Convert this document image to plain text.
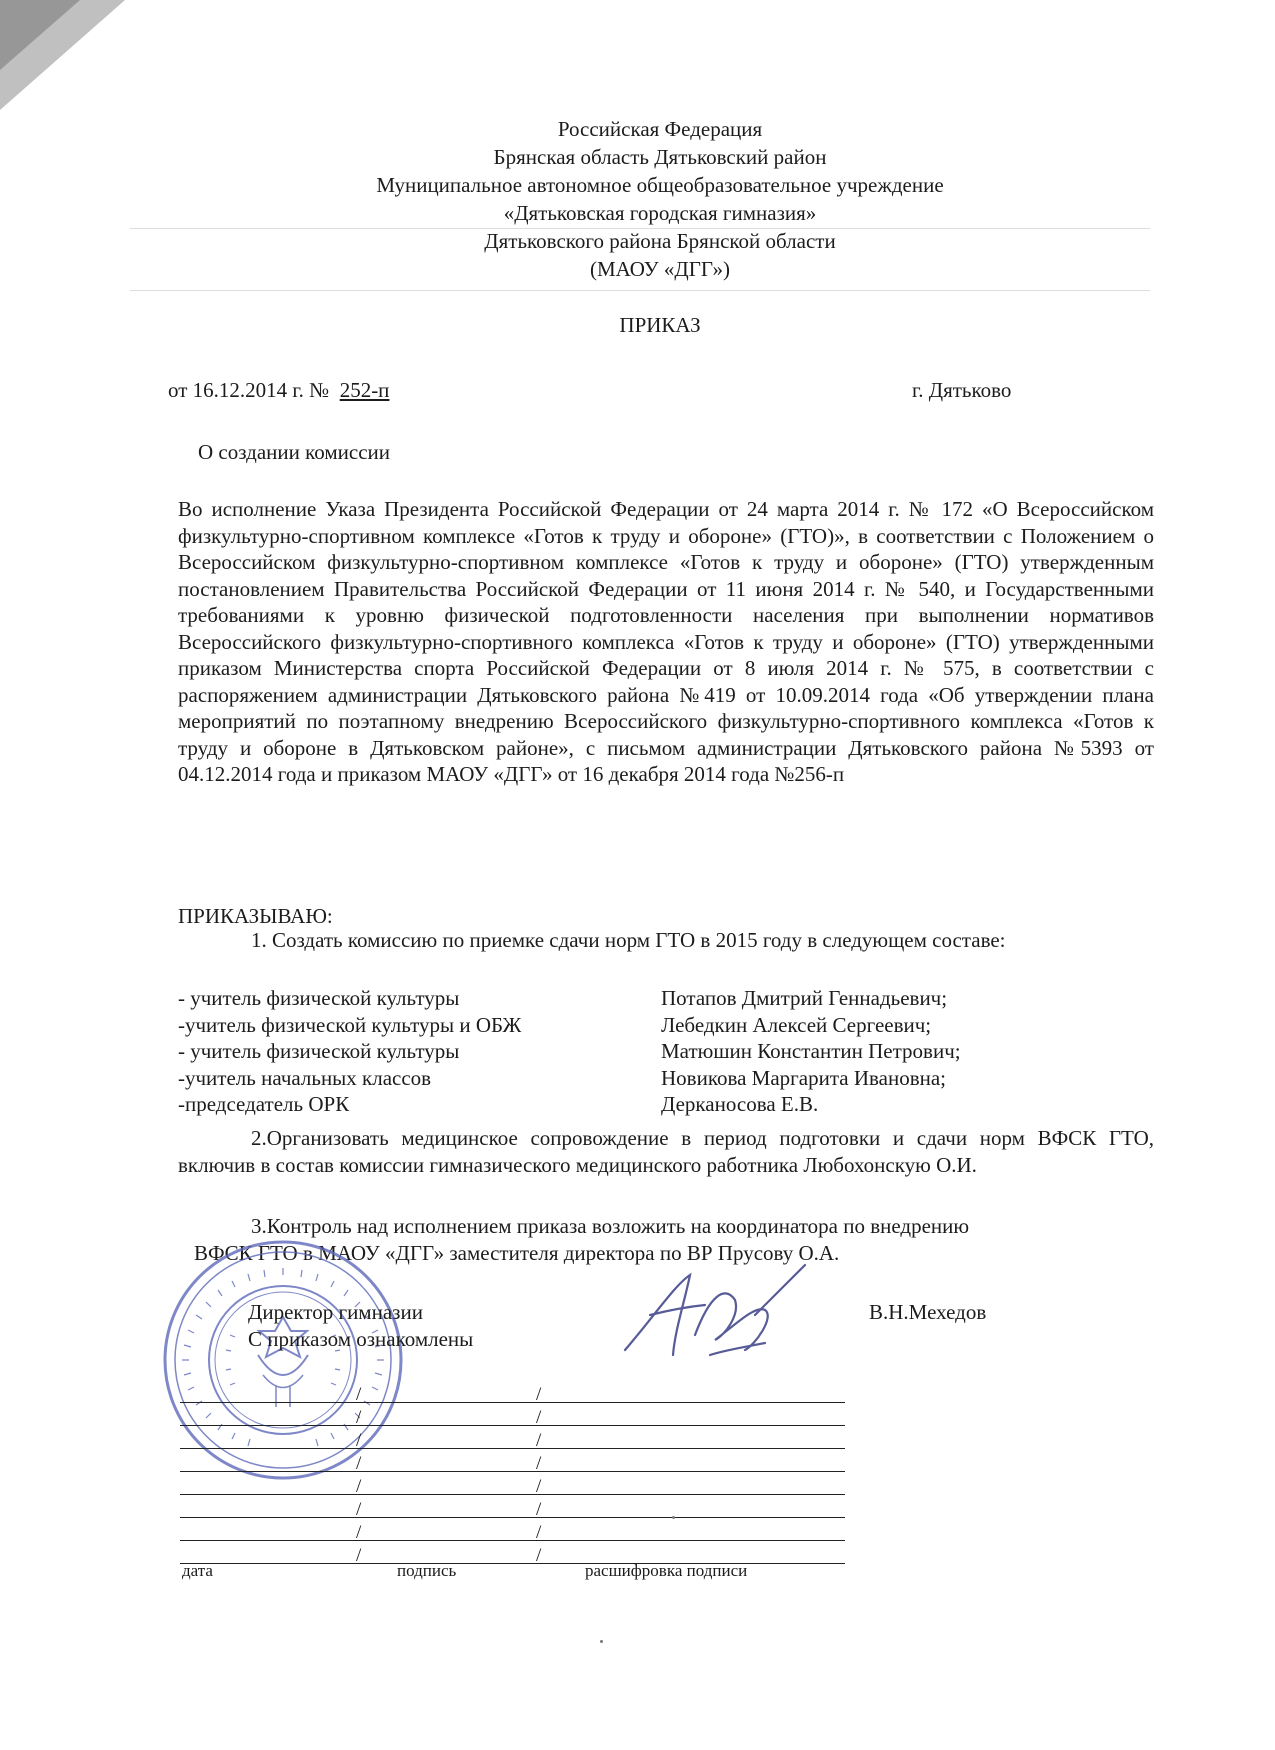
Российская Федерация
Брянская область Дятьковский район
Муниципальное автономное общеобразовательное учреждение
«Дятьковская городская гимназия»
Дятьковского района Брянской области
(МАОУ «ДГГ»)
ПРИКАЗ
от 16.12.2014 г. № 252-п	г. Дятьково
О создании комиссии
Во исполнение Указа Президента Российской Федерации от 24 марта 2014 г. № 172 «О Всероссийском физкультурно-спортивном комплексе «Готов к труду и обороне» (ГТО)», в соответствии с Положением о Всероссийском физкультурно-спортивном комплексе «Готов к труду и обороне» (ГТО) утвержденным постановлением Правительства Российской Федерации от 11 июня 2014 г. № 540, и Государственными требованиями к уровню физической подготовленности населения при выполнении нормативов Всероссийского физкультурно-спортивного комплекса «Готов к труду и обороне» (ГТО) утвержденными приказом Министерства спорта Российской Федерации от 8 июля 2014 г. № 575, в соответствии с распоряжением администрации Дятьковского района №419 от 10.09.2014 года «Об утверждении плана мероприятий по поэтапному внедрению Всероссийского физкультурно-спортивного комплекса «Готов к труду и обороне в Дятьковском районе», с письмом администрации Дятьковского района №5393 от 04.12.2014 года и приказом МАОУ «ДГГ» от 16 декабря 2014 года №256-п
ПРИКАЗЫВАЮ:
1. Создать комиссию по приемке сдачи норм ГТО в 2015 году в следующем составе:
- учитель физической культуры	Потапов Дмитрий Геннадьевич;
-учитель физической культуры и ОБЖ	Лебедкин Алексей Сергеевич;
- учитель физической культуры	Матюшин Константин Петрович;
-учитель начальных классов	Новикова Маргарита Ивановна;
-председатель ОРК	Дерканосова Е.В.
2.Организовать медицинское сопровождение в период подготовки и сдачи норм ВФСК ГТО, включив в состав комиссии гимназического медицинского работника Любохонскую О.И.
3.Контроль над исполнением приказа возложить на координатора по внедрению
ВФСК ГТО в МАОУ «ДГГ» заместителя директора по ВР Прусову О.А.
Директор гимназии	В.Н.Мехедов
С приказом ознакомлены
/	/
/	/
/	/
/	/
/	/
/	/
/	/
/	/
дата	подпись	расшифровка подписи
